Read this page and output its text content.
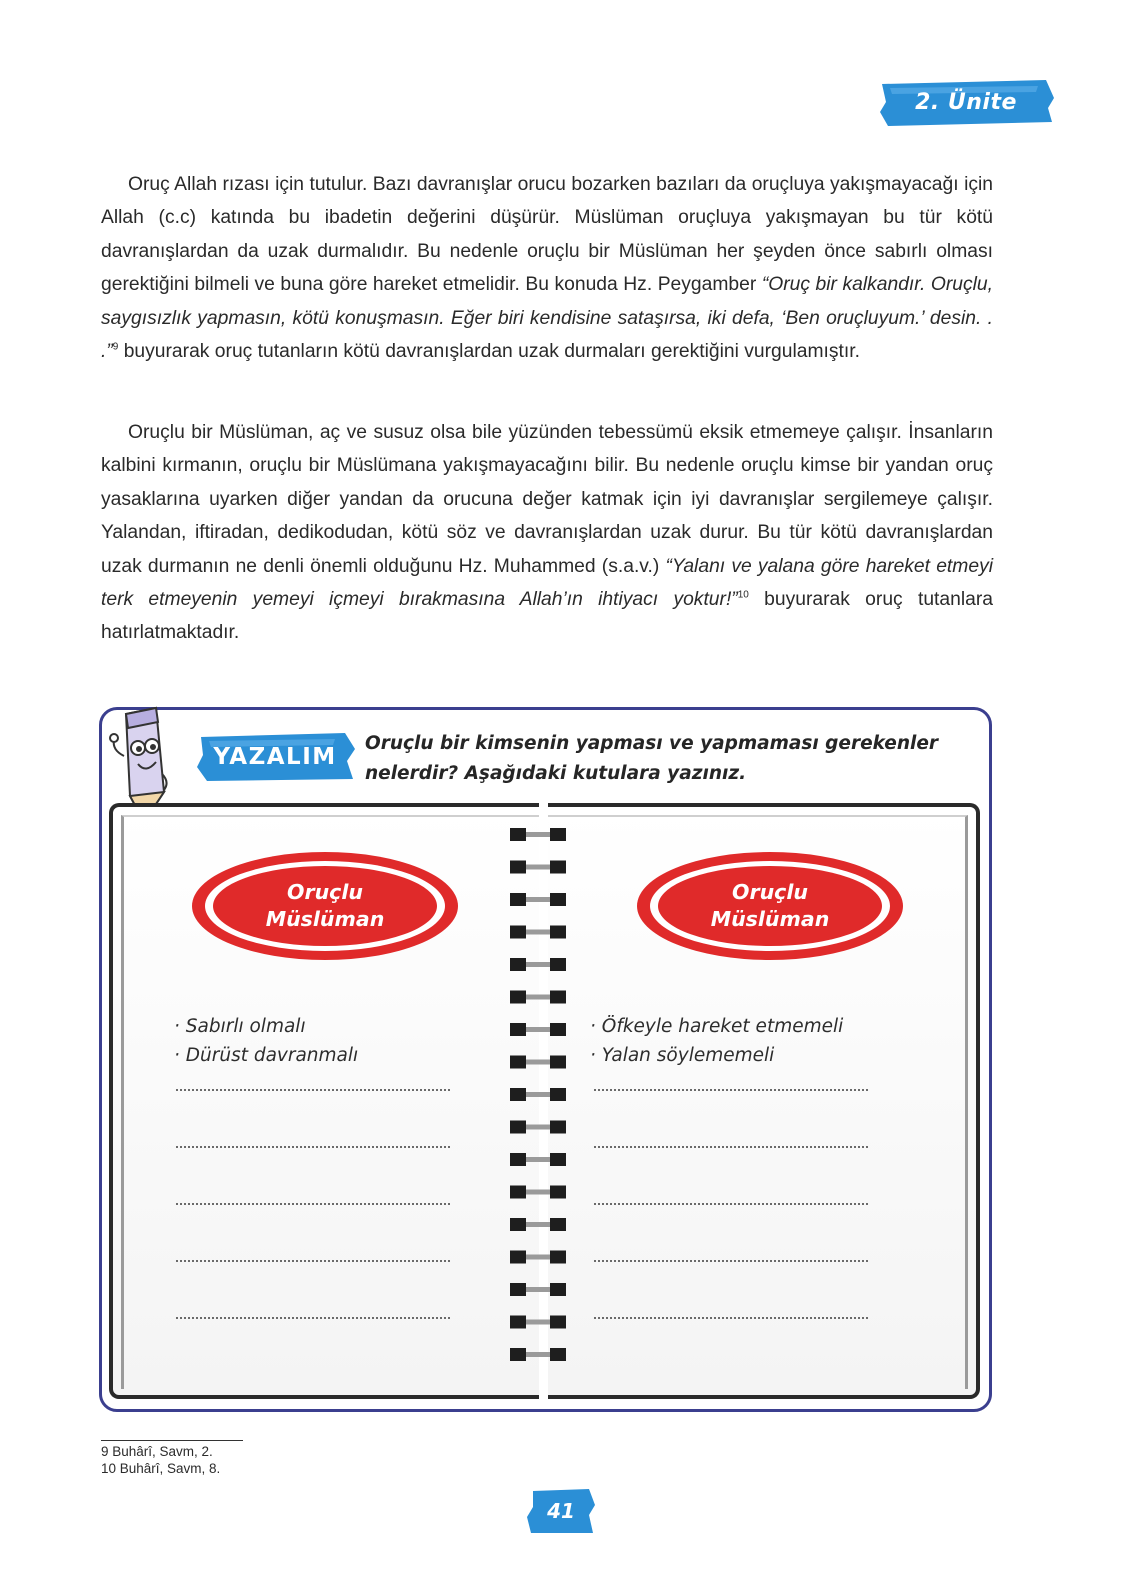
2. Ünite

Oruç Allah rızası için tutulur. Bazı davranışlar orucu bozarken bazıları da oruçluya yakışmayacağı için Allah (c.c) katında bu ibadetin değerini düşürür. Müslüman oruçluya yakışmayan bu tür kötü davranışlardan da uzak durmalıdır. Bu nedenle oruçlu bir Müslüman her şeyden önce sabırlı olması gerektiğini bilmeli ve buna göre hareket etmelidir. Bu konuda Hz. Peygamber “Oruç bir kalkandır. Oruçlu, saygısızlık yapmasın, kötü konuşmasın. Eğer biri kendisine sataşırsa, iki defa, ‘Ben oruçluyum.’ desin. . .”$^9$ buyurarak oruç tutanların kötü davranışlardan uzak durmaları gerektiğini vurgulamıştır.

Oruçlu bir Müslüman, aç ve susuz olsa bile yüzünden tebessümü eksik etmemeye çalışır. İnsanların kalbini kırmanın, oruçlu bir Müslümana yakışmayacağını bilir. Bu nedenle oruçlu kimse bir yandan oruç yasaklarına uyarken diğer yandan da orucuna değer katmak için iyi davranışlar sergilemeye çalışır. Yalandan, iftiradan, dedikodudan, kötü söz ve davranışlardan uzak durur. Bu tür kötü davranışlardan uzak durmanın ne denli önemli olduğunu Hz. Muhammed (s.a.v.) “Yalanı ve yalana göre hareket etmeyi terk etmeyenin yemeyi içmeyi bırakmasına Allah’ın ihtiyacı yoktur!”$^{10}$ buyurarak oruç tutanlara hatırlatmaktadır.

YAZALIM
Oruçlu bir kimsenin yapması ve yapmaması gerekenler
nelerdir? Aşağıdaki kutulara yazınız.
Oruçlu
Müslüman
Oruçlu
Müslüman
· Sabırlı olmalı
· Dürüst davranmalı
· Öfkeyle hareket etmemeli
· Yalan söylememeli
9 Buhârî, Savm, 2.
10 Buhârî, Savm, 8.
41
